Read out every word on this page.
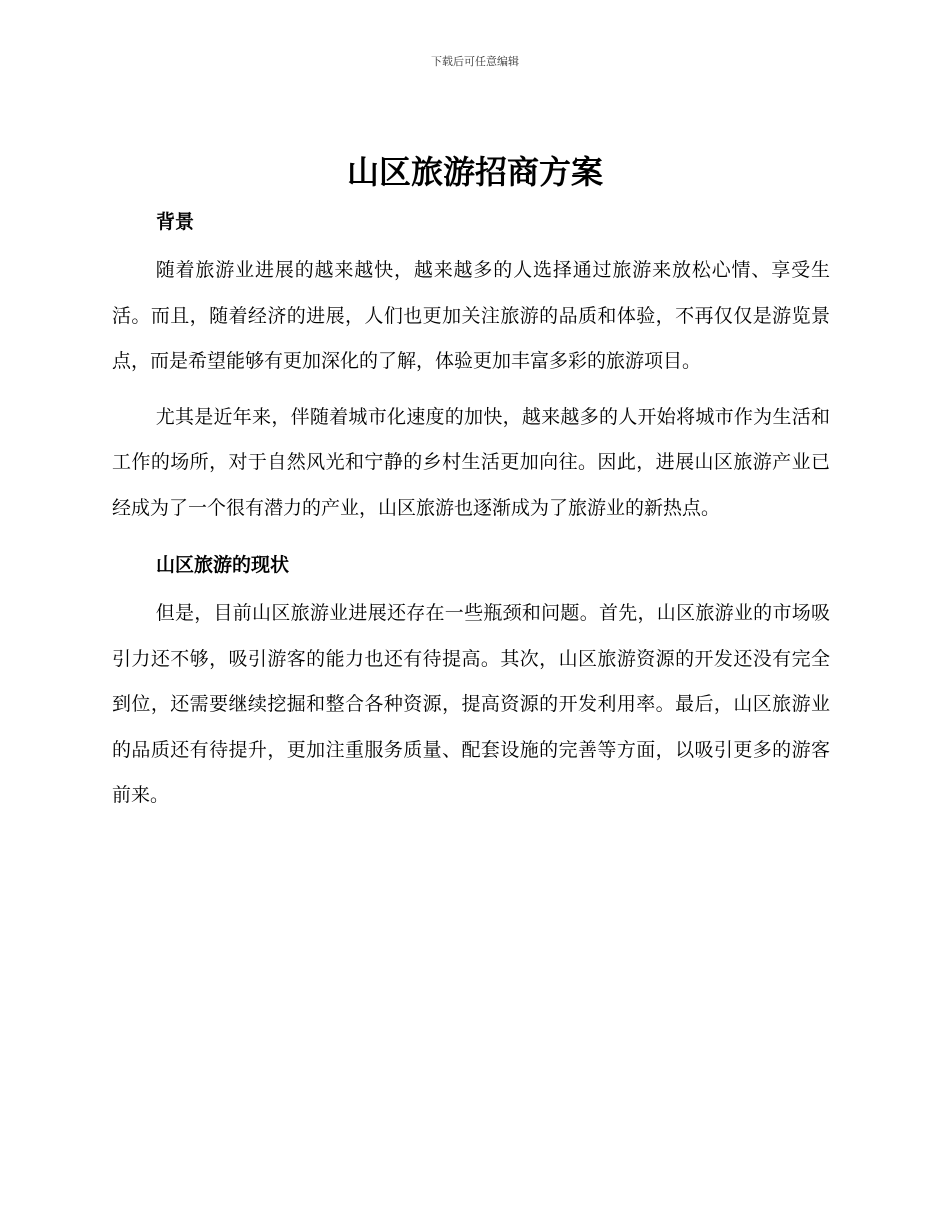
下载后可任意编辑
山区旅游招商方案
背景

随着旅游业进展的越来越快，越来越多的人选择通过旅游来放松心情、享受生活。而且，随着经济的进展，人们也更加关注旅游的品质和体验，不再仅仅是游览景点，而是希望能够有更加深化的了解，体验更加丰富多彩的旅游项目。

尤其是近年来，伴随着城市化速度的加快，越来越多的人开始将城市作为生活和工作的场所，对于自然风光和宁静的乡村生活更加向往。因此，进展山区旅游产业已经成为了一个很有潜力的产业，山区旅游也逐渐成为了旅游业的新热点。

山区旅游的现状

但是，目前山区旅游业进展还存在一些瓶颈和问题。首先，山区旅游业的市场吸引力还不够，吸引游客的能力也还有待提高。其次，山区旅游资源的开发还没有完全到位，还需要继续挖掘和整合各种资源，提高资源的开发利用率。最后，山区旅游业的品质还有待提升，更加注重服务质量、配套设施的完善等方面，以吸引更多的游客前来。
